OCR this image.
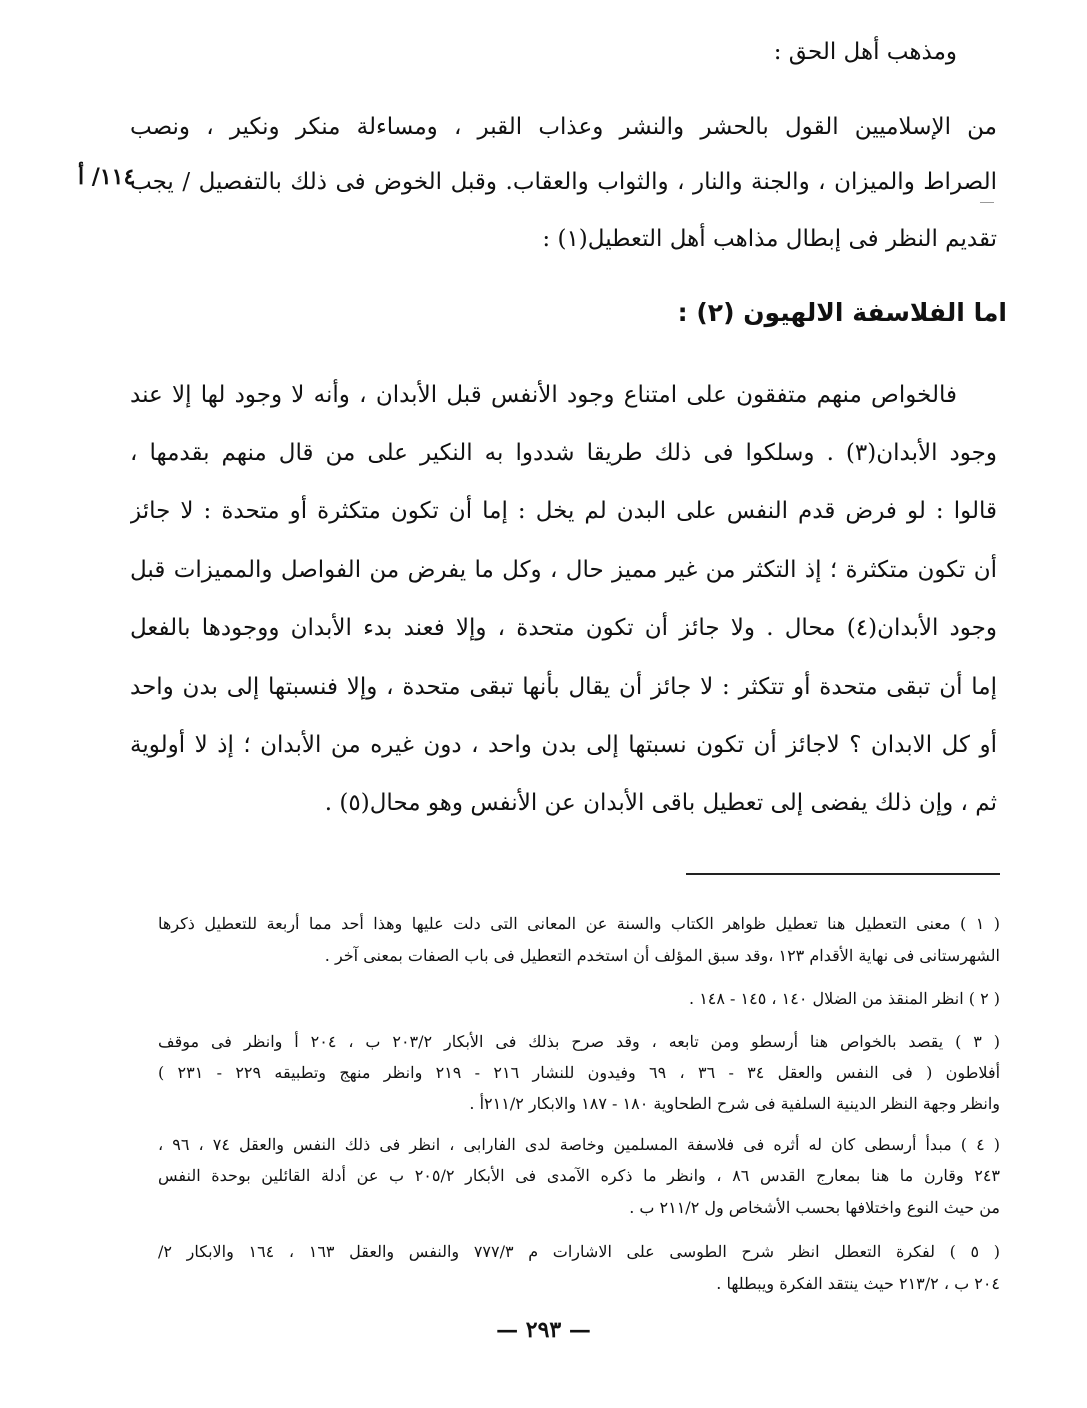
ومذهب أهل الحق :
من الإسلاميين القول بالحشر والنشر وعذاب القبر ، ومساءلة منكر ونكير ، ونصب
الصراط والميزان ، والجنة والنار ، والثواب والعقاب. وقبل الخوض فى ذلك بالتفصيل / يجب
تقديم النظر فى إبطال مذاهب أهل التعطيل(١) :
١١٤/ أ
اما الفلاسفة الالهيون (٢) :
فالخواص منهم متفقون على امتناع وجود الأنفس قبل الأبدان ، وأنه لا وجود لها إلا عند
وجود الأبدان(٣) . وسلكوا فى ذلك طريقا شددوا به النكير على من قال منهم بقدمها ،
قالوا : لو فرض قدم النفس على البدن لم يخل : إما أن تكون متكثرة أو متحدة : لا جائز
أن تكون متكثرة ؛ إذ التكثر من غير مميز حال ، وكل ما يفرض من الفواصل والمميزات قبل
وجود الأبدان(٤) محال . ولا جائز أن تكون متحدة ، وإلا فعند بدء الأبدان ووجودها بالفعل
إما أن تبقى متحدة أو تتكثر : لا جائز أن يقال بأنها تبقى متحدة ، وإلا فنسبتها إلى بدن واحد
أو كل الابدان ؟ لاجائز أن تكون نسبتها إلى بدن واحد ، دون غيره من الأبدان ؛ إذ لا أولوية
ثم ، وإن ذلك يفضى إلى تعطيل باقى الأبدان عن الأنفس وهو محال(٥) .
( ١ ) معنى التعطيل هنا تعطيل ظواهر الكتاب والسنة عن المعانى التى دلت عليها وهذا أحد مما أربعة للتعطيل ذكرها
الشهرستانى فى نهاية الأقدام ١٢٣ ،وقد سبق المؤلف أن استخدم التعطيل فى باب الصفات بمعنى آخر .
( ٢ ) انظر المنقذ من الضلال ١٤٠ ، ١٤٥ - ١٤٨ .
( ٣ ) يقصد بالخواص هنا أرسطو ومن تابعه ، وقد صرح بذلك فى الأبكار ٢٠٣/٢ ب ، ٢٠٤ أ وانظر فى موقف
أفلاطون ( فى النفس والعقل ٣٤ - ٣٦ ، ٦٩ وفيدون للنشار ٢١٦ - ٢١٩ وانظر منهج وتطبيقه ٢٢٩ - ٢٣١ )
وانظر وجهة النظر الدينية السلفية فى شرح الطحاوية ١٨٠ - ١٨٧ والابكار ٢١١/٢أ .
( ٤ ) مبدأ أرسطى كان له أثره فى فلاسفة المسلمين وخاصة لدى الفارابى ، انظر فى ذلك النفس والعقل ٧٤ ، ٩٦ ،
٢٤٣ وقارن ما هنا بمعارج القدس ٨٦ ، وانظر ما ذكره الآمدى فى الأبكار ٢٠٥/٢ ب عن أدلة القائلين بوحدة النفس
من حيث النوع واختلافها بحسب الأشخاص ول ٢١١/٢ ب .
( ٥ ) لفكرة التعطل انظر شرح الطوسى على الاشارات م ٧٧٧/٣ والنفس والعقل ١٦٣ ، ١٦٤ والابكار ٢/
٢٠٤ ب ، ٢١٣/٢ حيث ينتقد الفكرة ويبطلها .
— ٢٩٣ —
